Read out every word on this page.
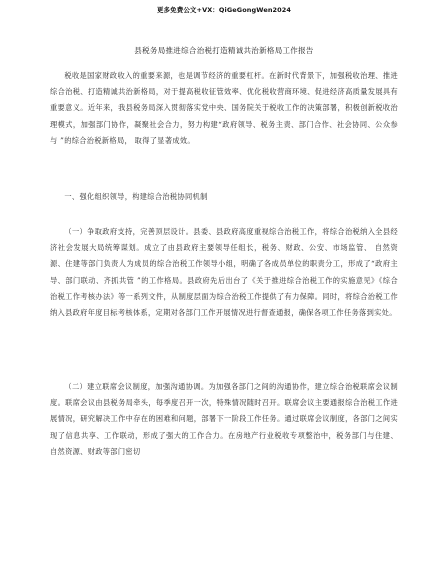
更多免费公文+VX：QiGeGongWen2024
县税务局推进综合治税打造精诚共治新格局工作报告

税收是国家财政收入的重要来源，也是调节经济的重要杠杆。在新时代背景下，加强税收治理、推进综合治税、打造精诚共治新格局，对于提高税收征管效率、优化税收营商环境、促进经济高质量发展具有重要意义。近年来，我县税务局深入贯彻落实党中央、国务院关于税收工作的决策部署，积极创新税收治理模式，加强部门协作，凝聚社会合力，努力构建“政府领导、税务主责、部门合作、社会协同、公众参与 ”的综合治税新格局， 取得了显著成效。

一、强化组织领导，构建综合治税协同机制

（一）争取政府支持，完善顶层设计。县委、县政府高度重视综合治税工作，将综合治税纳入全县经济社会发展大局统筹谋划。成立了由县政府主要领导任组长，税务、财政、公安、市场监管、 自然资源、住建等部门负责人为成员的综合治税工作领导小组，明确了各成员单位的职责分工，形成了“政府主导、部门联动、齐抓共管 ”的工作格局。县政府先后出台了《关于推进综合治税工作的实施意见》《综合治税工作考核办法》等一系列文件，从制度层面为综合治税工作提供了有力保障。同时，将综合治税工作纳入县政府年度目标考核体系，定期对各部门工作开展情况进行督查通报，确保各项工作任务落到实处。

（二）建立联席会议制度，加强沟通协调。为加强各部门之间的沟通协作，建立综合治税联席会议制度。联席会议由县税务局牵头，每季度召开一次，特殊情况随时召开。联席会议主要通报综合治税工作进展情况，研究解决工作中存在的困难和问题，部署下一阶段工作任务。通过联席会议制度，各部门之间实现了信息共享、工作联动，形成了强大的工作合力。在房地产行业税收专项整治中，税务部门与住建、 自然资源、财政等部门密切
